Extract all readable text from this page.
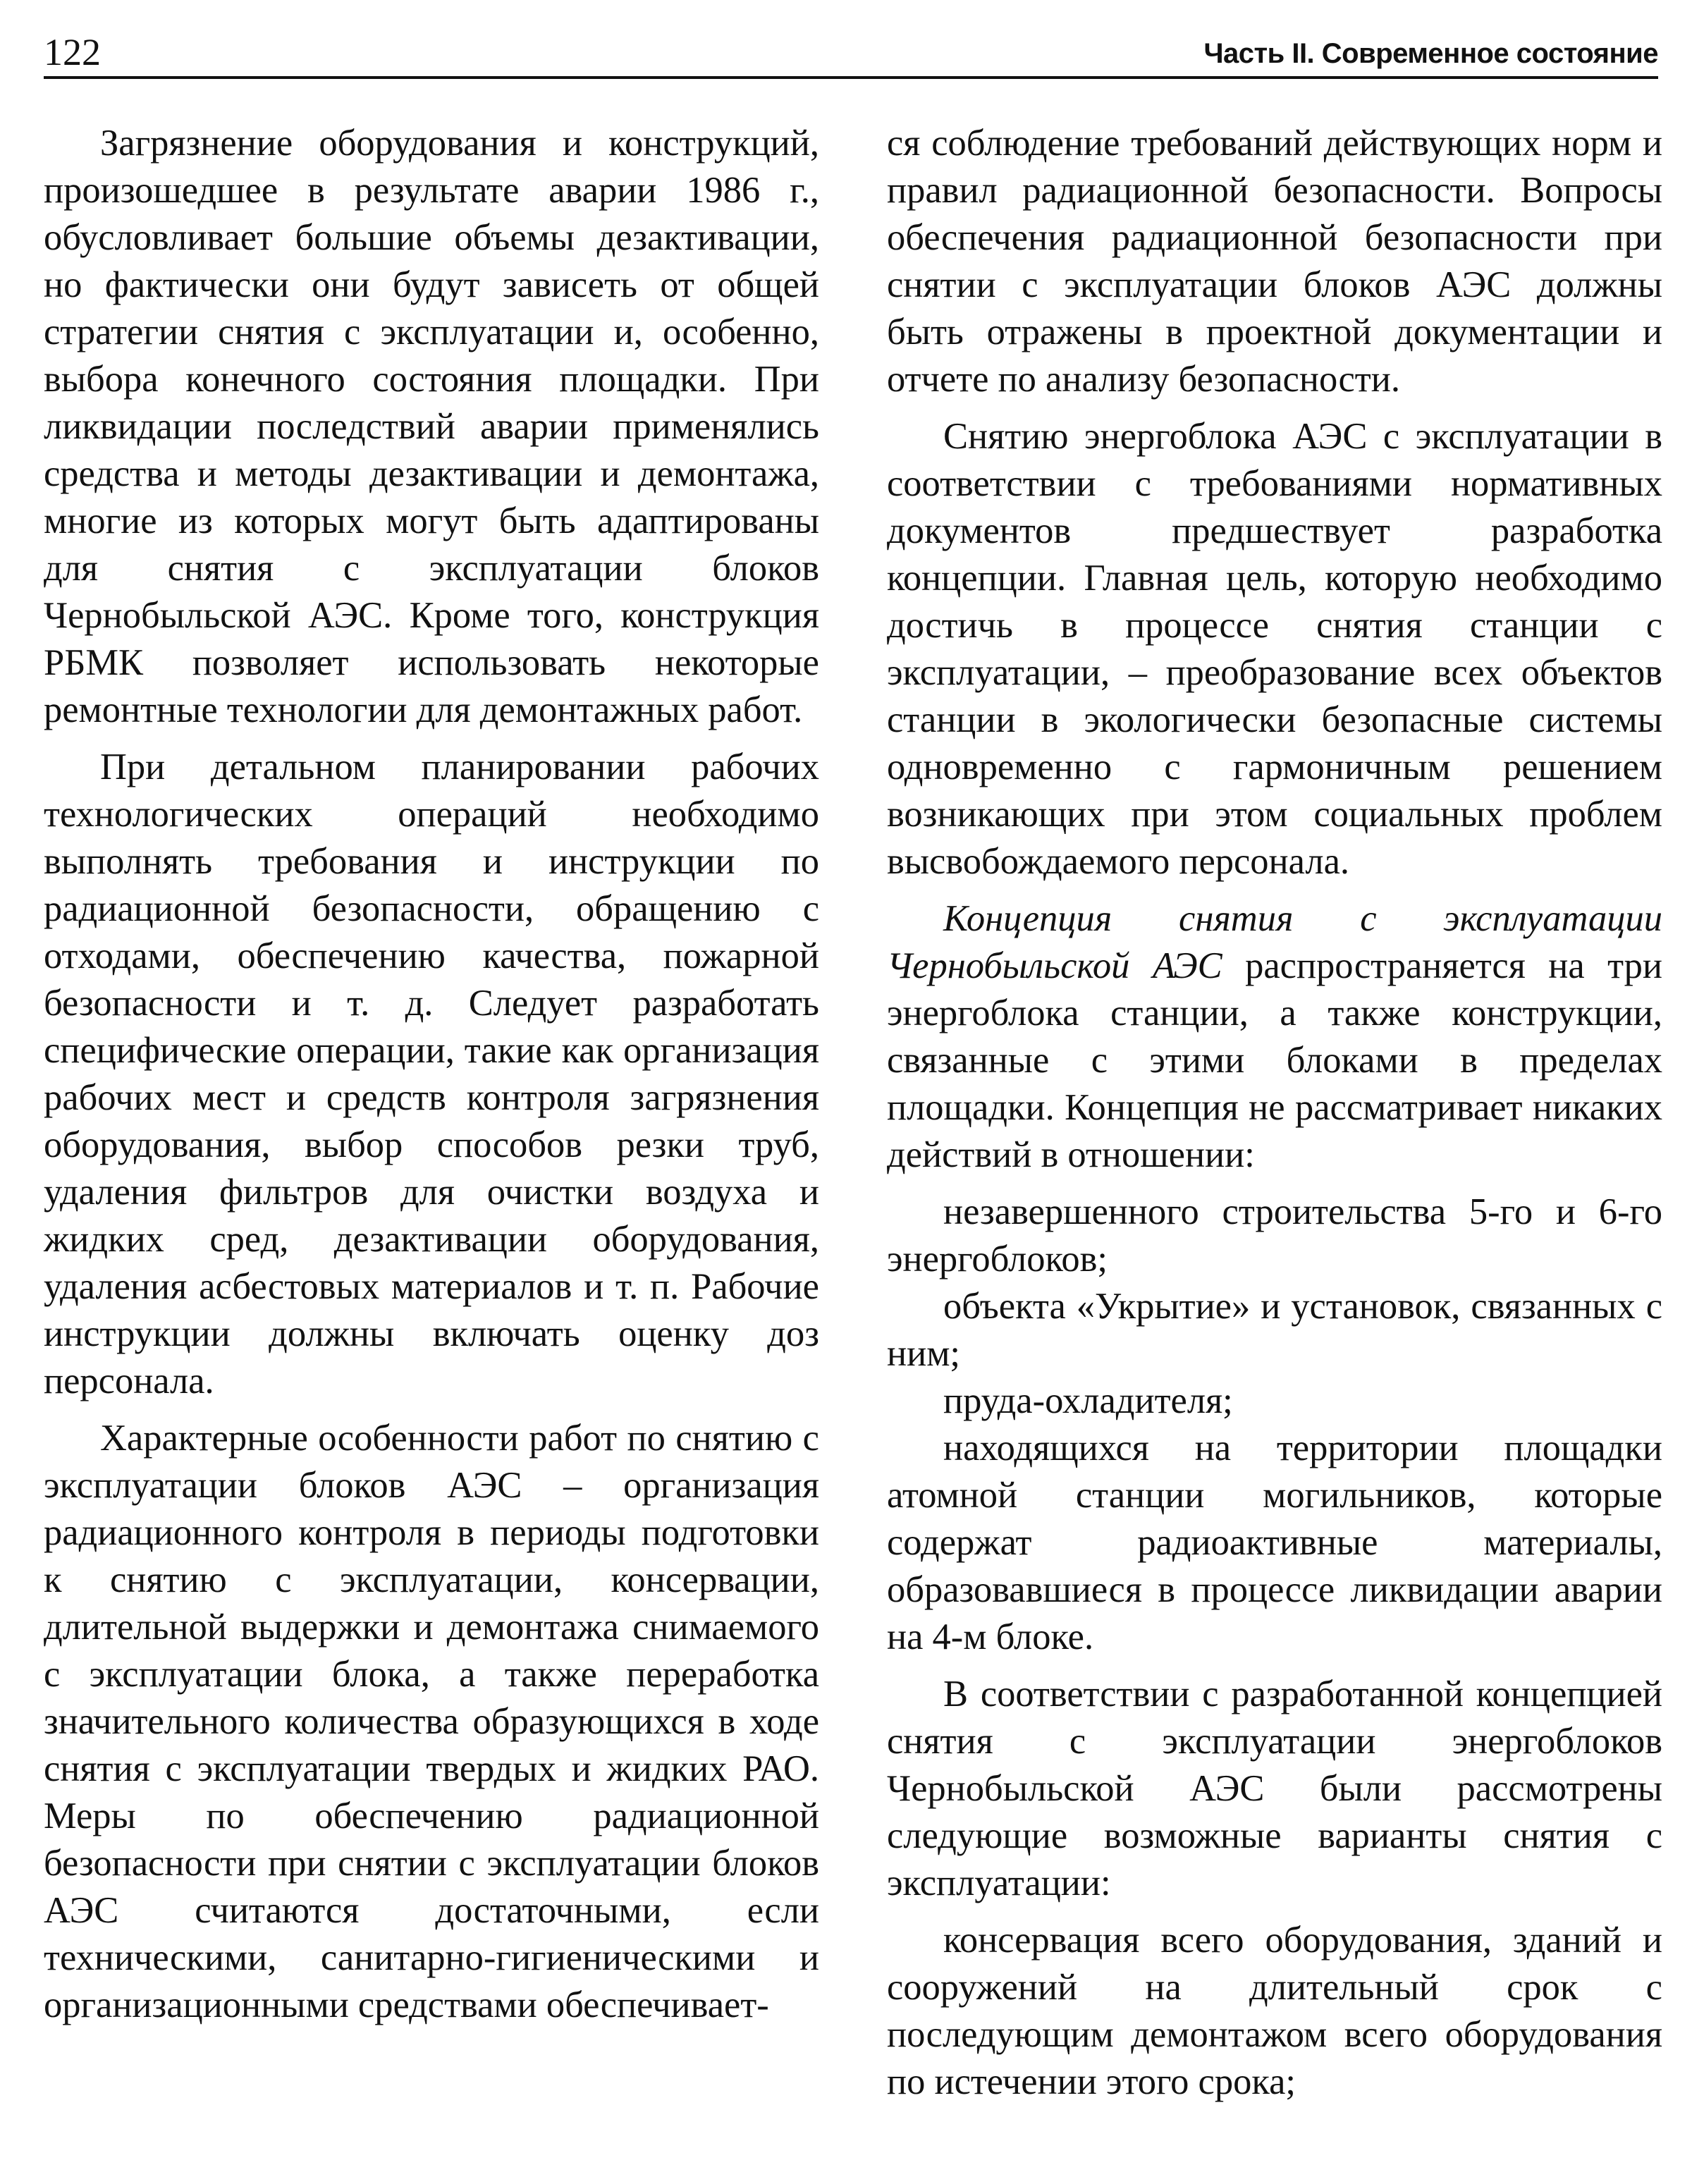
122	Часть II. Современное состояние

Загрязнение оборудования и конструкций, произошедшее в результате аварии 1986 г., обусловливает большие объемы дезактивации, но фактически они будут зависеть от общей стратегии снятия с эксплуатации и, особенно, выбора конечного состояния площадки. При ликвидации последствий аварии применялись средства и методы дезактивации и демонтажа, многие из которых могут быть адаптированы для снятия с эксплуатации блоков Чернобыльской АЭС. Кроме того, конструкция РБМК позволяет использовать некоторые ремонтные технологии для демонтажных работ.

При детальном планировании рабочих технологических операций необходимо выполнять требования и инструкции по радиационной безопасности, обращению с отходами, обеспечению качества, пожарной безопасности и т. д. Следует разработать специфические операции, такие как организация рабочих мест и средств контроля загрязнения оборудования, выбор способов резки труб, удаления фильтров для очистки воздуха и жидких сред, дезактивации оборудования, удаления асбестовых материалов и т. п. Рабочие инструкции должны включать оценку доз персонала.

Характерные особенности работ по снятию с эксплуатации блоков АЭС – организация радиационного контроля в периоды подготовки к снятию с эксплуатации, консервации, длительной выдержки и демонтажа снимаемого с эксплуатации блока, а также переработка значительного количества образующихся в ходе снятия с эксплуатации твердых и жидких РАО. Меры по обеспечению радиационной безопасности при снятии с эксплуатации блоков АЭС считаются достаточными, если техническими, санитарно-гигиеническими и организационными средствами обеспечивает-

ся соблюдение требований действующих норм и правил радиационной безопасности. Вопросы обеспечения радиационной безопасности при снятии с эксплуатации блоков АЭС должны быть отражены в проектной документации и отчете по анализу безопасности.

Снятию энергоблока АЭС с эксплуатации в соответствии с требованиями нормативных документов предшествует разработка концепции. Главная цель, которую необходимо достичь в процессе снятия станции с эксплуатации, – преобразование всех объектов станции в экологически безопасные системы одновременно с гармоничным решением возникающих при этом социальных проблем высвобождаемого персонала.

Концепция снятия с эксплуатации Чернобыльской АЭС распространяется на три энергоблока станции, а также конструкции, связанные с этими блоками в пределах площадки. Концепция не рассматривает никаких действий в отношении:

незавершенного строительства 5-го и 6-го энергоблоков;

объекта «Укрытие» и установок, связанных с ним;

пруда-охладителя;

находящихся на территории площадки атомной станции могильников, которые содержат радиоактивные материалы, образовавшиеся в процессе ликвидации аварии на 4-м блоке.

В соответствии с разработанной концепцией снятия с эксплуатации энергоблоков Чернобыльской АЭС были рассмотрены следующие возможные варианты снятия с эксплуатации:

консервация всего оборудования, зданий и сооружений на длительный срок с последующим демонтажом всего оборудования по истечении этого срока;
